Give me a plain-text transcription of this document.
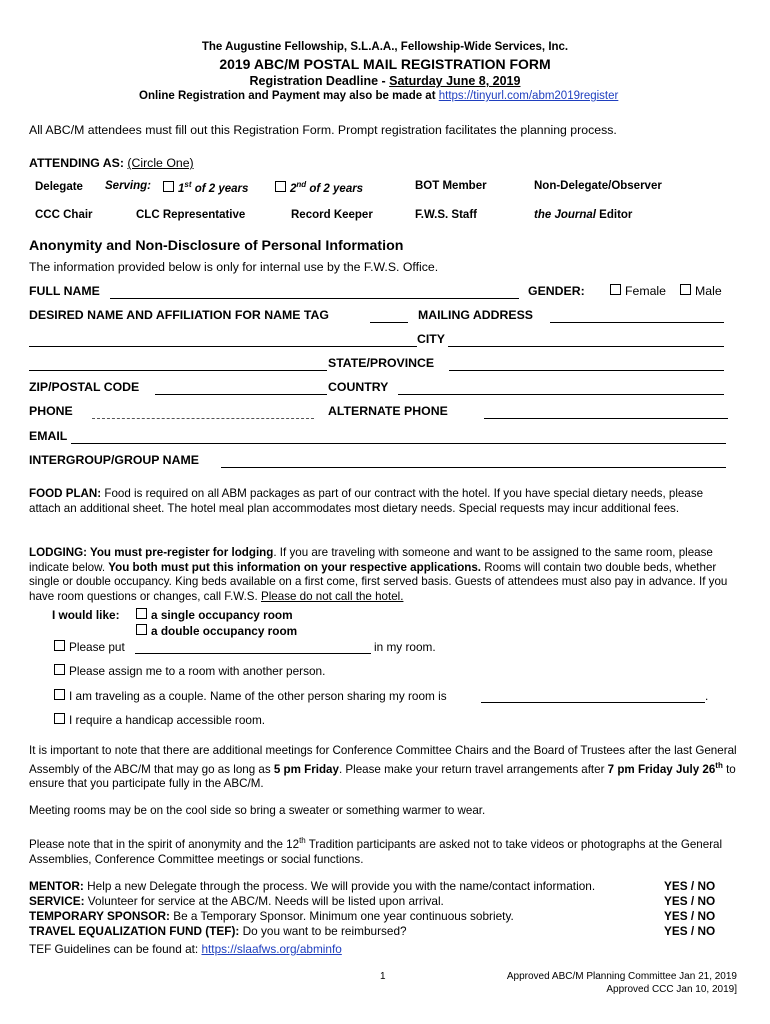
The Augustine Fellowship, S.L.A.A., Fellowship-Wide Services, Inc.
2019 ABC/M POSTAL MAIL REGISTRATION FORM
Registration Deadline - Saturday June 8, 2019
Online Registration and Payment may also be made at https://tinyurl.com/abm2019register
All ABC/M attendees must fill out this Registration Form. Prompt registration facilitates the planning process.
ATTENDING AS: (Circle One)
Delegate Serving:	1st of 2 years	2nd of 2 years	BOT Member	Non-Delegate/Observer
CCC Chair	CLC Representative	Record Keeper	F.W.S. Staff	the Journal Editor
Anonymity and Non-Disclosure of Personal Information
The information provided below is only for internal use by the F.W.S. Office.
FULL NAME	GENDER:	Female	Male
DESIRED NAME AND AFFILIATION FOR NAME TAG	MAILING ADDRESS
CITY
STATE/PROVINCE
ZIP/POSTAL CODE	COUNTRY
PHONE	ALTERNATE PHONE
EMAIL
INTERGROUP/GROUP NAME
FOOD PLAN: Food is required on all ABM packages as part of our contract with the hotel. If you have special dietary needs, please attach an additional sheet. The hotel meal plan accommodates most dietary needs. Special requests may incur additional fees.
LODGING: You must pre-register for lodging. If you are traveling with someone and want to be assigned to the same room, please indicate below. You both must put this information on your respective applications. Rooms will contain two double beds, whether single or double occupancy. King beds available on a first come, first served basis. Guests of attendees must also pay in advance. If you have room questions or changes, call F.W.S. Please do not call the hotel.
I would like:	a single occupancy room
a double occupancy room
Please put	in my room.
Please assign me to a room with another person.
I am traveling as a couple. Name of the other person sharing my room is	.
I require a handicap accessible room.
It is important to note that there are additional meetings for Conference Committee Chairs and the Board of Trustees after the last General Assembly of the ABC/M that may go as long as 5 pm Friday. Please make your return travel arrangements after 7 pm Friday July 26th to ensure that you participate fully in the ABC/M.
Meeting rooms may be on the cool side so bring a sweater or something warmer to wear.
Please note that in the spirit of anonymity and the 12th Tradition participants are asked not to take videos or photographs at the General Assemblies, Conference Committee meetings or social functions.
MENTOR: Help a new Delegate through the process. We will provide you with the name/contact information.	YES / NO
SERVICE: Volunteer for service at the ABC/M. Needs will be listed upon arrival.	YES / NO
TEMPORARY SPONSOR: Be a Temporary Sponsor. Minimum one year continuous sobriety.	YES / NO
TRAVEL EQUALIZATION FUND (TEF): Do you want to be reimbursed?	YES / NO
TEF Guidelines can be found at: https://slaafws.org/abminfo
1	Approved ABC/M Planning Committee Jan 21, 2019
Approved CCC Jan 10, 2019]
